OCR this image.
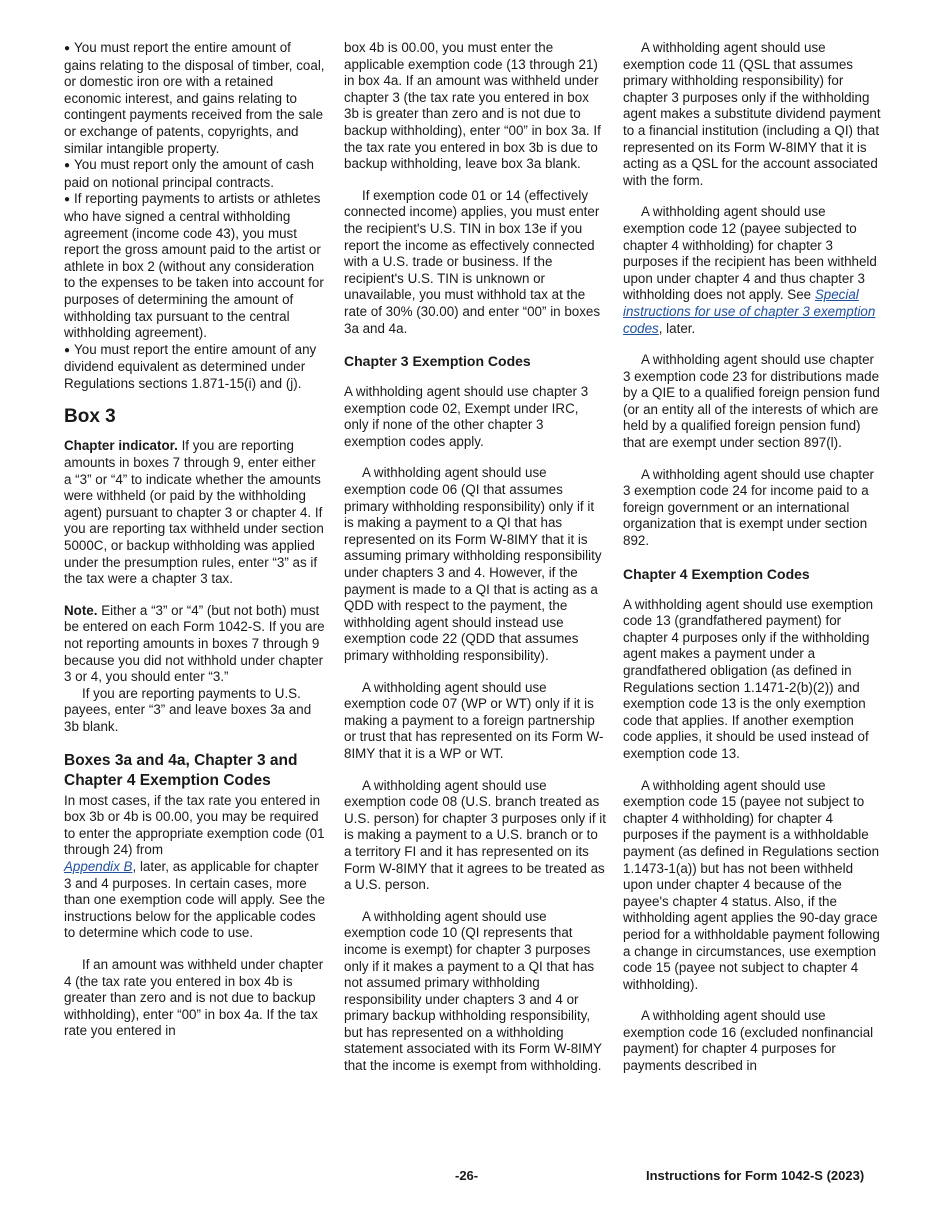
● You must report the entire amount of gains relating to the disposal of timber, coal, or domestic iron ore with a retained economic interest, and gains relating to contingent payments received from the sale or exchange of patents, copyrights, and similar intangible property.

● You must report only the amount of cash paid on notional principal contracts.

● If reporting payments to artists or athletes who have signed a central withholding agreement (income code 43), you must report the gross amount paid to the artist or athlete in box 2 (without any consideration to the expenses to be taken into account for purposes of determining the amount of withholding tax pursuant to the central withholding agreement).

● You must report the entire amount of any dividend equivalent as determined under Regulations sections 1.871-15(i) and (j).

Box 3

Chapter indicator. If you are reporting amounts in boxes 7 through 9, enter either a “3” or “4” to indicate whether the amounts were withheld (or paid by the withholding agent) pursuant to chapter 3 or chapter 4. If you are reporting tax withheld under section 5000C, or backup withholding was applied under the presumption rules, enter “3” as if the tax were a chapter 3 tax.

Note. Either a “3” or “4” (but not both) must be entered on each Form 1042-S. If you are not reporting amounts in boxes 7 through 9 because you did not withhold under chapter 3 or 4, you should enter “3.”

If you are reporting payments to U.S. payees, enter “3” and leave boxes 3a and 3b blank.

Boxes 3a and 4a, Chapter 3 and Chapter 4 Exemption Codes

In most cases, if the tax rate you entered in box 3b or 4b is 00.00, you may be required to enter the appropriate exemption code (01 through 24) from
Appendix B, later, as applicable for chapter 3 and 4 purposes. In certain cases, more than one exemption code will apply. See the instructions below for the applicable codes to determine which code to use.

If an amount was withheld under chapter 4 (the tax rate you entered in box 4b is greater than zero and is not due to backup withholding), enter “00” in box 4a. If the tax rate you entered in

box 4b is 00.00, you must enter the applicable exemption code (13 through 21) in box 4a. If an amount was withheld under chapter 3 (the tax rate you entered in box 3b is greater than zero and is not due to backup withholding), enter “00” in box 3a. If the tax rate you entered in box 3b is due to backup withholding, leave box 3a blank.

If exemption code 01 or 14 (effectively connected income) applies, you must enter the recipient's U.S. TIN in box 13e if you report the income as effectively connected with a U.S. trade or business. If the recipient's U.S. TIN is unknown or unavailable, you must withhold tax at the rate of 30% (30.00) and enter “00” in boxes 3a and 4a.

Chapter 3 Exemption Codes

A withholding agent should use chapter 3 exemption code 02, Exempt under IRC, only if none of the other chapter 3 exemption codes apply.

A withholding agent should use exemption code 06 (QI that assumes primary withholding responsibility) only if it is making a payment to a QI that has represented on its Form W-8IMY that it is assuming primary withholding responsibility under chapters 3 and 4. However, if the payment is made to a QI that is acting as a QDD with respect to the payment, the withholding agent should instead use exemption code 22 (QDD that assumes primary withholding responsibility).

A withholding agent should use exemption code 07 (WP or WT) only if it is making a payment to a foreign partnership or trust that has represented on its Form W-8IMY that it is a WP or WT.

A withholding agent should use exemption code 08 (U.S. branch treated as U.S. person) for chapter 3 purposes only if it is making a payment to a U.S. branch or to a territory FI and it has represented on its Form W-8IMY that it agrees to be treated as a U.S. person.

A withholding agent should use exemption code 10 (QI represents that income is exempt) for chapter 3 purposes only if it makes a payment to a QI that has not assumed primary withholding responsibility under chapters 3 and 4 or primary backup withholding responsibility, but has represented on a withholding statement associated with its Form W-8IMY that the income is exempt from withholding.

A withholding agent should use exemption code 11 (QSL that assumes primary withholding responsibility) for chapter 3 purposes only if the withholding agent makes a substitute dividend payment to a financial institution (including a QI) that represented on its Form W-8IMY that it is acting as a QSL for the account associated with the form.

A withholding agent should use exemption code 12 (payee subjected to chapter 4 withholding) for chapter 3 purposes if the recipient has been withheld upon under chapter 4 and thus chapter 3 withholding does not apply. See Special instructions for use of chapter 3 exemption codes, later.

A withholding agent should use chapter 3 exemption code 23 for distributions made by a QIE to a qualified foreign pension fund (or an entity all of the interests of which are held by a qualified foreign pension fund) that are exempt under section 897(l).

A withholding agent should use chapter 3 exemption code 24 for income paid to a foreign government or an international organization that is exempt under section 892.

Chapter 4 Exemption Codes

A withholding agent should use exemption code 13 (grandfathered payment) for chapter 4 purposes only if the withholding agent makes a payment under a grandfathered obligation (as defined in Regulations section 1.1471-2(b)(2)) and exemption code 13 is the only exemption code that applies. If another exemption code applies, it should be used instead of exemption code 13.

A withholding agent should use exemption code 15 (payee not subject to chapter 4 withholding) for chapter 4 purposes if the payment is a withholdable payment (as defined in Regulations section 1.1473-1(a)) but has not been withheld upon under chapter 4 because of the payee's chapter 4 status. Also, if the withholding agent applies the 90-day grace period for a withholdable payment following a change in circumstances, use exemption code 15 (payee not subject to chapter 4 withholding).

A withholding agent should use exemption code 16 (excluded nonfinancial payment) for chapter 4 purposes for payments described in

-26-	Instructions for Form 1042-S (2023)
